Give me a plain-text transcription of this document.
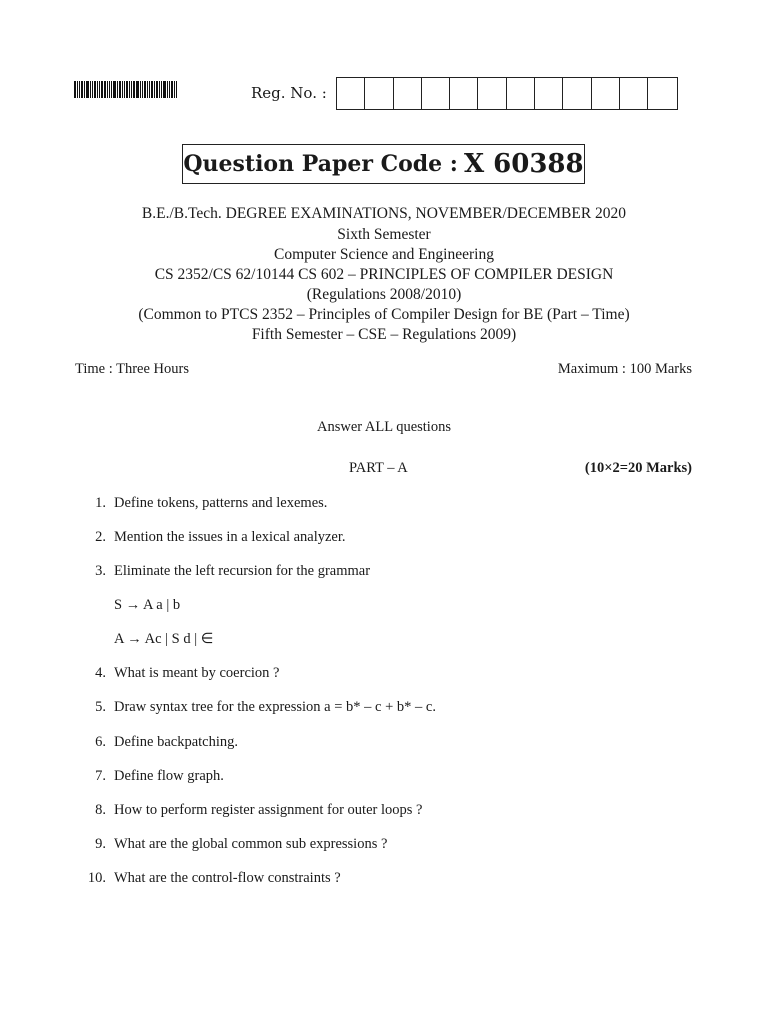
Reg. No. :
Question Paper Code : X 60388
B.E./B.Tech. DEGREE EXAMINATIONS, NOVEMBER/DECEMBER 2020
Sixth Semester
Computer Science and Engineering
CS 2352/CS 62/10144 CS 602 – PRINCIPLES OF COMPILER DESIGN
(Regulations 2008/2010)
(Common to PTCS 2352 – Principles of Compiler Design for BE (Part – Time)
Fifth Semester – CSE – Regulations 2009)
Time : Three Hours	Maximum : 100 Marks
Answer ALL questions
PART – A	(10×2=20 Marks)
1. Define tokens, patterns and lexemes.
2. Mention the issues in a lexical analyzer.
3. Eliminate the left recursion for the grammar
4. What is meant by coercion ?
5. Draw syntax tree for the expression a = b* – c + b* – c.
6. Define backpatching.
7. Define flow graph.
8. How to perform register assignment for outer loops ?
9. What are the global common sub expressions ?
10. What are the control-flow constraints ?
S → A a | b
A → Ac | S d | ∈
